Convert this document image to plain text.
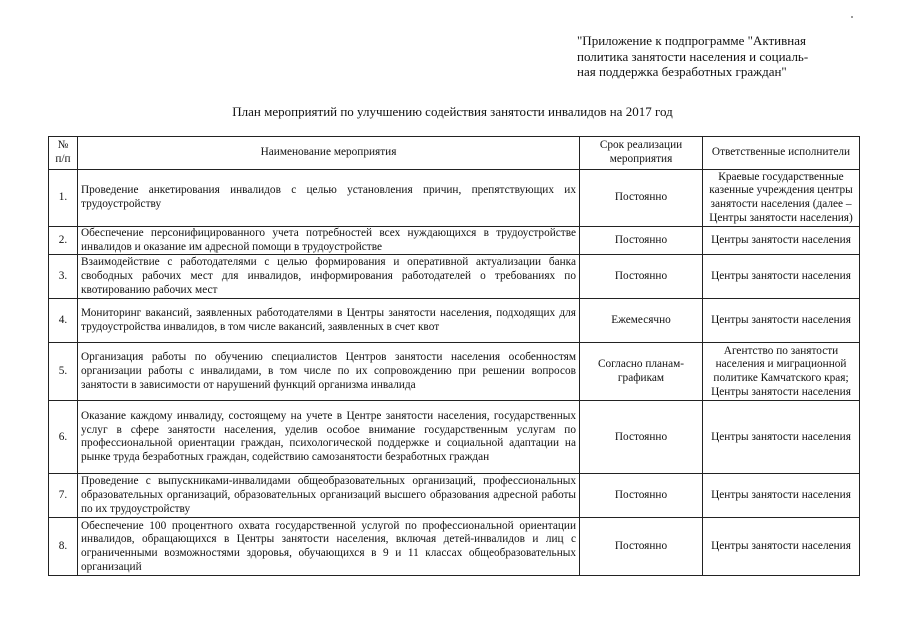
"Приложение к подпрограмме "Активная
политика занятости населения и социаль-
ная поддержка безработных граждан"
План мероприятий по улучшению содействия занятости инвалидов на 2017 год
№ п/п	Наименование мероприятия	Срок реализации мероприятия	Ответственные исполнители
1.	Проведение анкетирования инвалидов с целью установления причин, препятствующих их трудоустройству	Постоянно	Краевые государственные казенные учреждения центры занятости населения (далее – Центры занятости населения)
2.	Обеспечение персонифицированного учета потребностей всех нуждающихся в трудоустройстве инвалидов и оказание им адресной помощи в трудоустройстве	Постоянно	Центры занятости населения
3.	Взаимодействие с работодателями с целью формирования и оперативной актуализации банка свободных рабочих мест для инвалидов, информирования работодателей о требованиях по квотированию рабочих мест	Постоянно	Центры занятости населения
4.	Мониторинг вакансий, заявленных работодателями в Центры занятости населения, подходящих для трудоустройства инвалидов, в том числе вакансий, заявленных в счет квот	Ежемесячно	Центры занятости населения
5.	Организация работы по обучению специалистов Центров занятости населения особенностям организации работы с инвалидами, в том числе по их сопровождению при решении вопросов занятости в зависимости от нарушений функций организма инвалида	Согласно планам-графикам	Агентство по занятости населения и миграционной политике Камчатского края; Центры занятости населения
6.	Оказание каждому инвалиду, состоящему на учете в Центре занятости населения, государственных услуг в сфере занятости населения, уделив особое внимание государственным услугам по профессиональной ориентации граждан, психологической поддержке и социальной адаптации на рынке труда безработных граждан, содействию самозанятости безработных граждан	Постоянно	Центры занятости населения
7.	Проведение с выпускниками-инвалидами общеобразовательных организаций, профессиональных образовательных организаций, образовательных организаций высшего образования адресной работы по их трудоустройству	Постоянно	Центры занятости населения
8.	Обеспечение 100 процентного охвата государственной услугой по профессиональной ориентации инвалидов, обращающихся в Центры занятости населения, включая детей-инвалидов и лиц с ограниченными возможностями здоровья, обучающихся в 9 и 11 классах общеобразовательных организаций	Постоянно	Центры занятости населения
